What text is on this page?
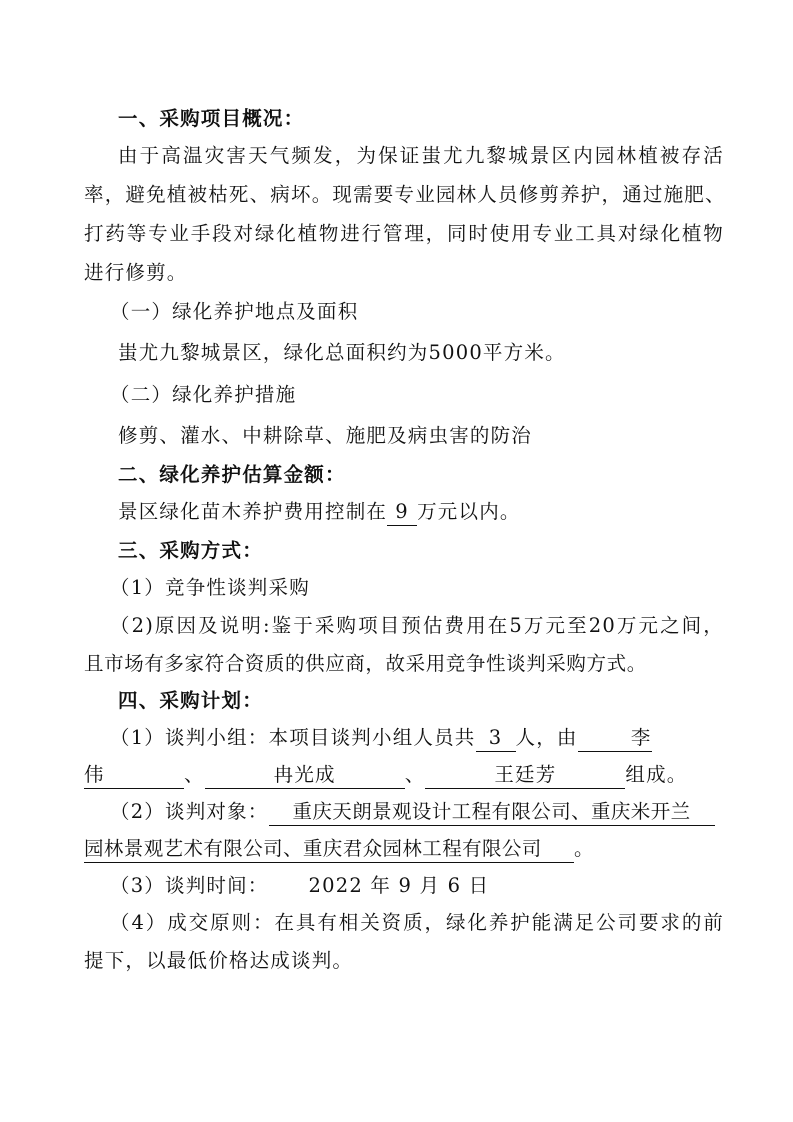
一、采购项目概况：
由于高温灾害天气频发，为保证蚩尤九黎城景区内园林植被存活
率，避免植被枯死、病坏。现需要专业园林人员修剪养护，通过施肥、
打药等专业手段对绿化植物进行管理，同时使用专业工具对绿化植物
进行修剪。
（一）绿化养护地点及面积
蚩尤九黎城景区，绿化总面积约为5000平方米。
（二）绿化养护措施
修剪、灌水、中耕除草、施肥及病虫害的防治
二、绿化养护估算金额：
景区绿化苗木养护费用控制在 9 万元以内。
三、采购方式：
（1）竞争性谈判采购
（2)原因及说明:鉴于采购项目预估费用在5万元至20万元之间，
且市场有多家符合资质的供应商，故采用竞争性谈判采购方式。
四、采购计划：
（1）谈判小组：本项目谈判小组人员共 3 人，由	李
伟	、	冉光成	、	王廷芳	组成。
（2）谈判对象： 重庆天朗景观设计工程有限公司、重庆米开兰
园林景观艺术有限公司、重庆君众园林工程有限公司 。
（3）谈判时间： 2022 年 9 月 6 日
（4）成交原则：在具有相关资质，绿化养护能满足公司要求的前
提下，以最低价格达成谈判。
